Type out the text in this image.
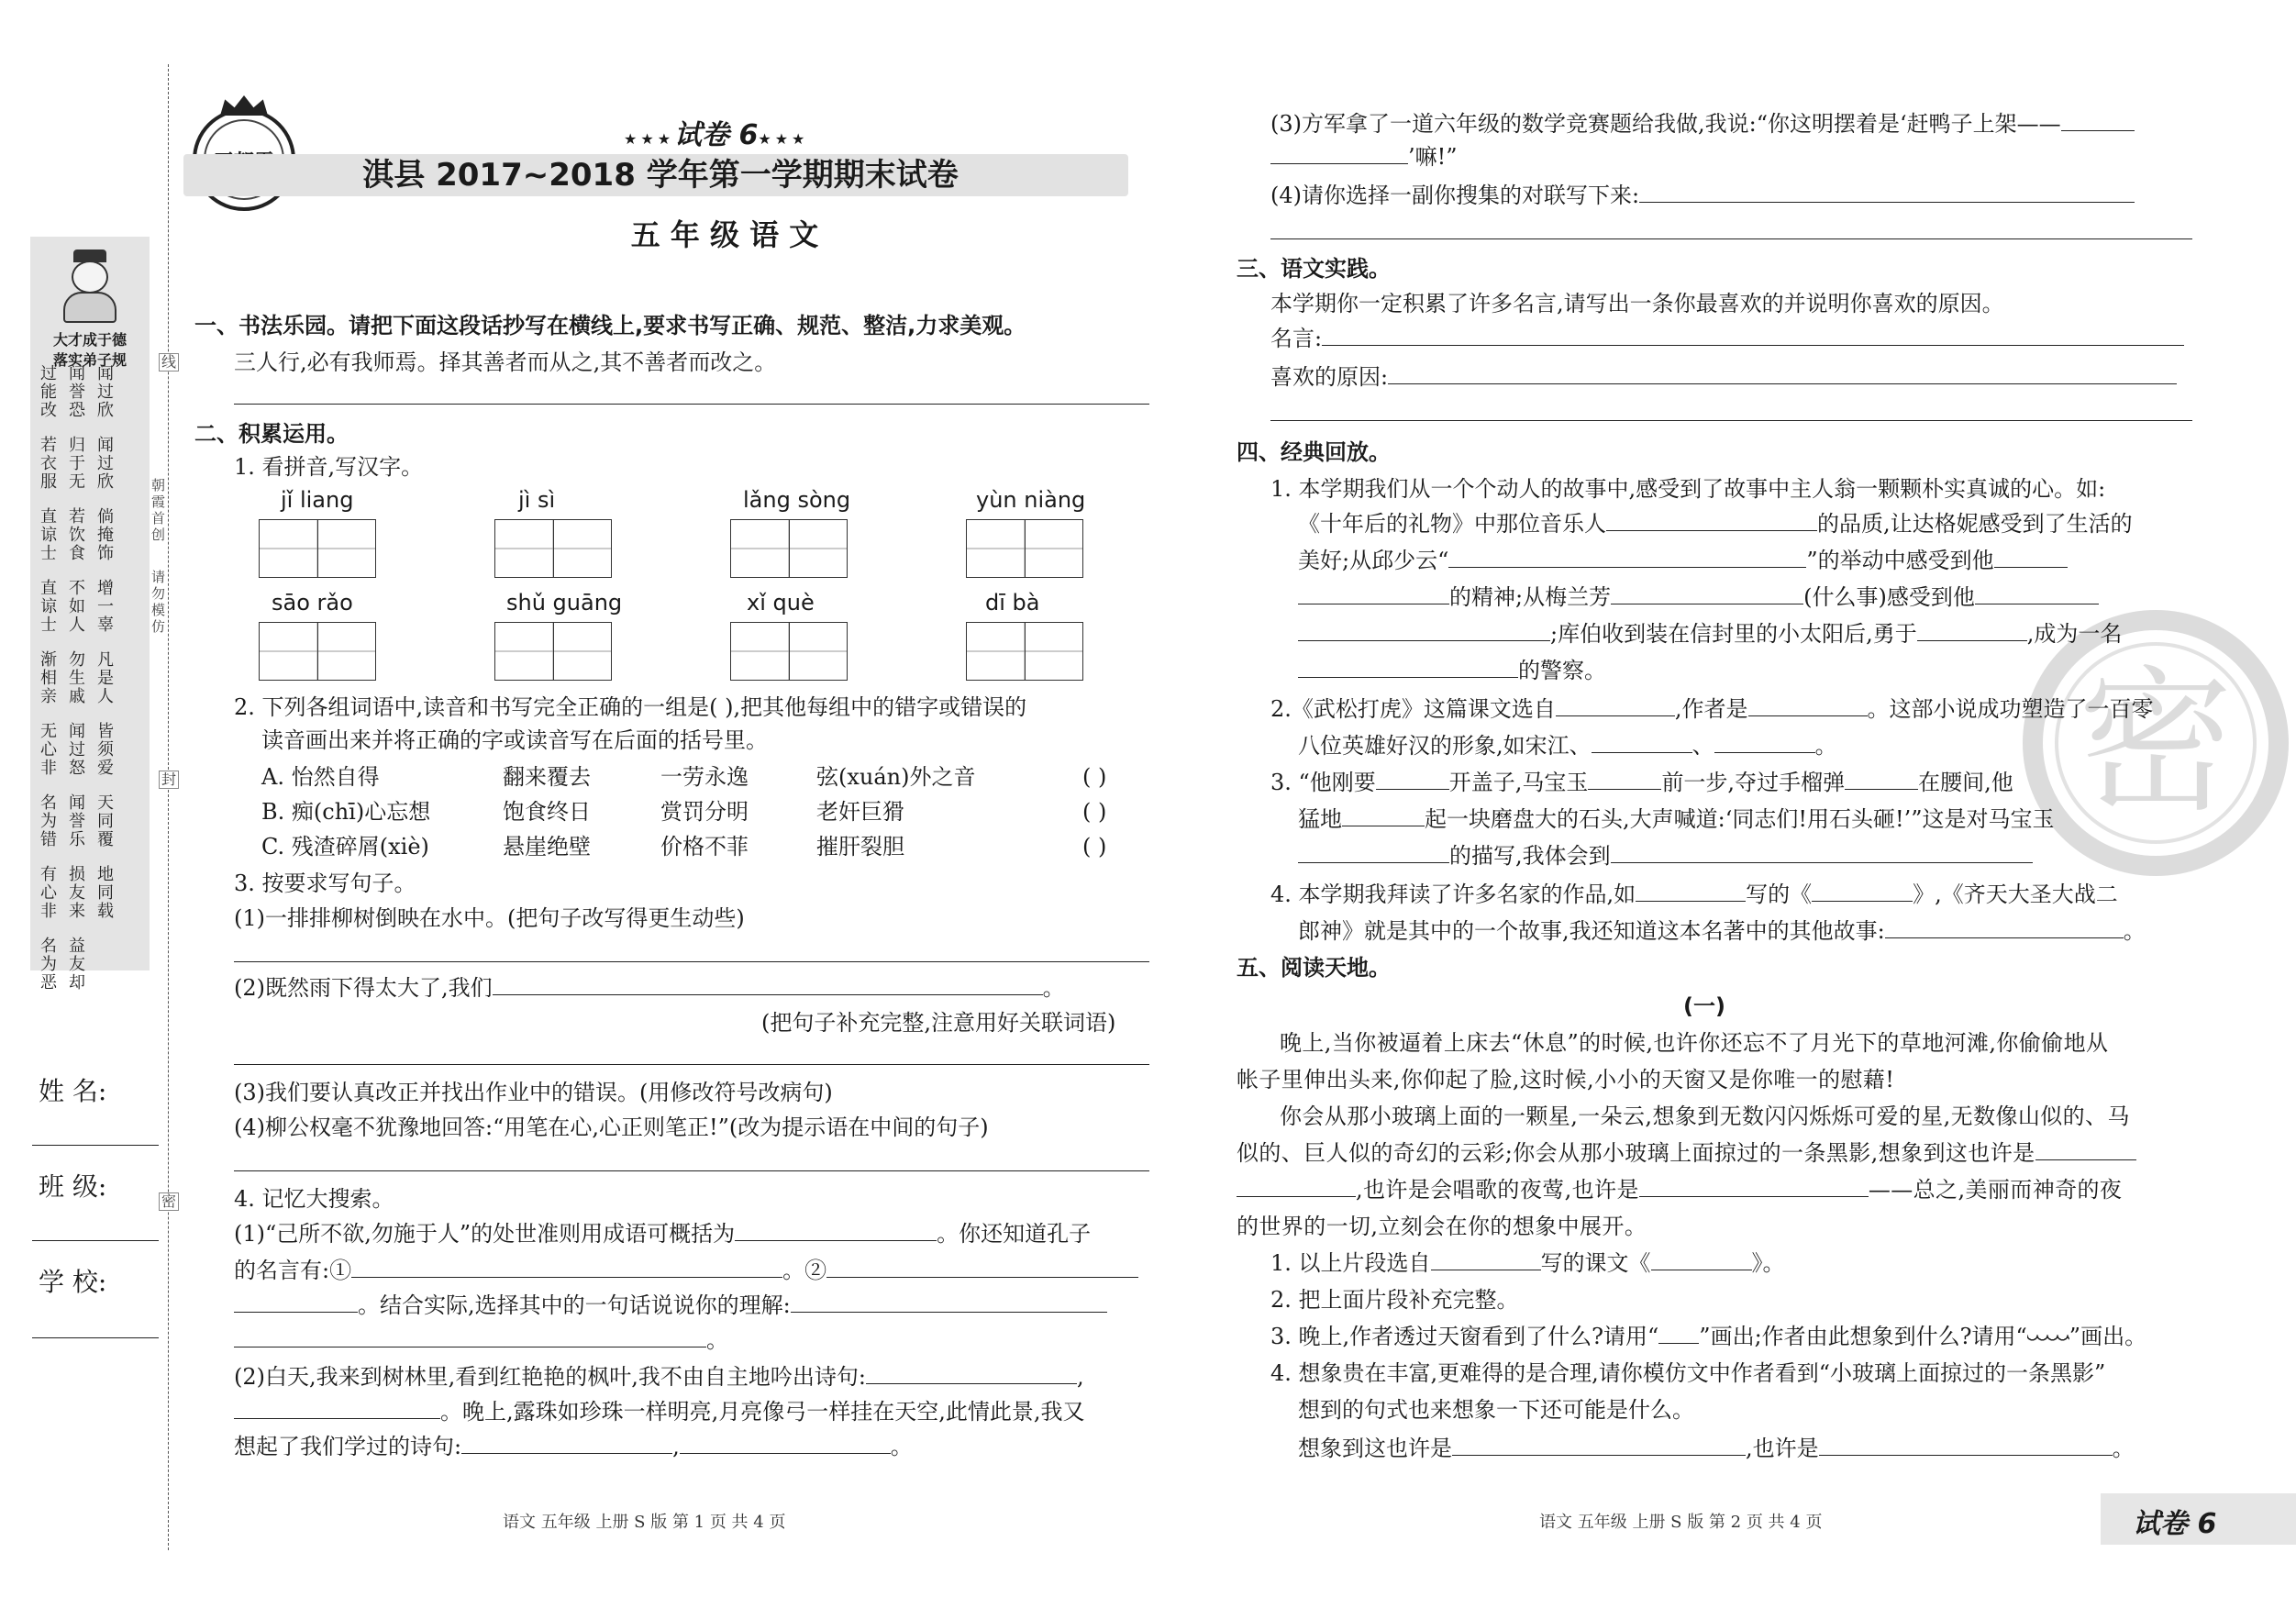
★★★试卷 6★★★
淇县 2017~2018 学年第一学期期末试卷
五 年 级 语 文
大才成于德
落实弟子规
过能改
闻誉恐
闻过欣
若衣服
归于无
闻过欣
直谅士
若饮食
倘掩饰
直谅士
不如人
增一辜
渐相亲
勿生戚
凡是人
无心非
闻过怒
皆须爱
名为错
闻誉乐
天同覆
有心非
损友来
地同载
名为恶
益友却
线
封
密
朝霞首创
请勿模仿
姓 名:
班 级:
学 校:
一、书法乐园。请把下面这段话抄写在横线上,要求书写正确、规范、整洁,力求美观。
三人行,必有我师焉。择其善者而从之,其不善者而改之。
二、积累运用。
1. 看拼音,写汉字。
jǐ liang	jì sì	lǎng sòng	yùn niàng
sāo rǎo	shǔ guāng	xǐ què	dī bà
2. 下列各组词语中,读音和书写完全正确的一组是( ),把其他每组中的错字或错误的
读音画出来并将正确的字或读音写在后面的括号里。
A. 怡然自得	翻来覆去	一劳永逸	弦(xuán)外之音	( )
B. 痴(chī)心忘想	饱食终日	赏罚分明	老奸巨猾	( )
C. 残渣碎屑(xiè)	悬崖绝壁	价格不菲	摧肝裂胆	( )
3. 按要求写句子。
(1)一排排柳树倒映在水中。(把句子改写得更生动些)
(2)既然雨下得太大了,我们	。
(把句子补充完整,注意用好关联词语)
(3)我们要认真改正并找出作业中的错误。(用修改符号改病句)
(4)柳公权毫不犹豫地回答:“用笔在心,心正则笔正!”(改为提示语在中间的句子)
4. 记忆大搜索。
(1)“己所不欲,勿施于人”的处世准则用成语可概括为	。你还知道孔子
的名言有:①	。②
。结合实际,选择其中的一句话说说你的理解:
。
(2)白天,我来到树林里,看到红艳艳的枫叶,我不由自主地吟出诗句:	,
。晚上,露珠如珍珠一样明亮,月亮像弓一样挂在天空,此情此景,我又
想起了我们学过的诗句:	,	。
语文 五年级 上册 S 版 第 1 页 共 4 页
密
(3)方军拿了一道六年级的数学竞赛题给我做,我说:“你这明摆着是‘赶鸭子上架——
’嘛!”
(4)请你选择一副你搜集的对联写下来:
三、语文实践。
本学期你一定积累了许多名言,请写出一条你最喜欢的并说明你喜欢的原因。
名言:
喜欢的原因:
四、经典回放。
1. 本学期我们从一个个动人的故事中,感受到了故事中主人翁一颗颗朴实真诚的心。如:
《十年后的礼物》中那位音乐人	的品质,让达格妮感受到了生活的
美好;从邱少云“	”的举动中感受到他
的精神;从梅兰芳	(什么事)感受到他
;库伯收到装在信封里的小太阳后,勇于	,成为一名
的警察。
2.《武松打虎》这篇课文选自	,作者是	。这部小说成功塑造了一百零
八位英雄好汉的形象,如宋江、	、	。
3. “他刚要	开盖子,马宝玉	前一步,夺过手榴弹	在腰间,他
猛地	起一块磨盘大的石头,大声喊道:‘同志们!用石头砸!’”这是对马宝玉
的描写,我体会到
4. 本学期我拜读了许多名家的作品,如	写的《	》,《齐天大圣大战二
郎神》就是其中的一个故事,我还知道这本名著中的其他故事:	。
五、阅读天地。
(一)
晚上,当你被逼着上床去“休息”的时候,也许你还忘不了月光下的草地河滩,你偷偷地从
帐子里伸出头来,你仰起了脸,这时候,小小的天窗又是你唯一的慰藉!
你会从那小玻璃上面的一颗星,一朵云,想象到无数闪闪烁烁可爱的星,无数像山似的、马
似的、巨人似的奇幻的云彩;你会从那小玻璃上面掠过的一条黑影,想象到这也许是
,也许是会唱歌的夜莺,也许是	——总之,美丽而神奇的夜
的世界的一切,立刻会在你的想象中展开。
1. 以上片段选自	写的课文《	》。
2. 把上面片段补充完整。
3. 晚上,作者透过天窗看到了什么?请用“ ”画出;作者由此想象到什么?请用“ ”画出。
4. 想象贵在丰富,更难得的是合理,请你模仿文中作者看到“小玻璃上面掠过的一条黑影”
想到的句式也来想象一下还可能是什么。
想象到这也许是	,也许是	。
语文 五年级 上册 S 版 第 2 页 共 4 页	试卷 6
